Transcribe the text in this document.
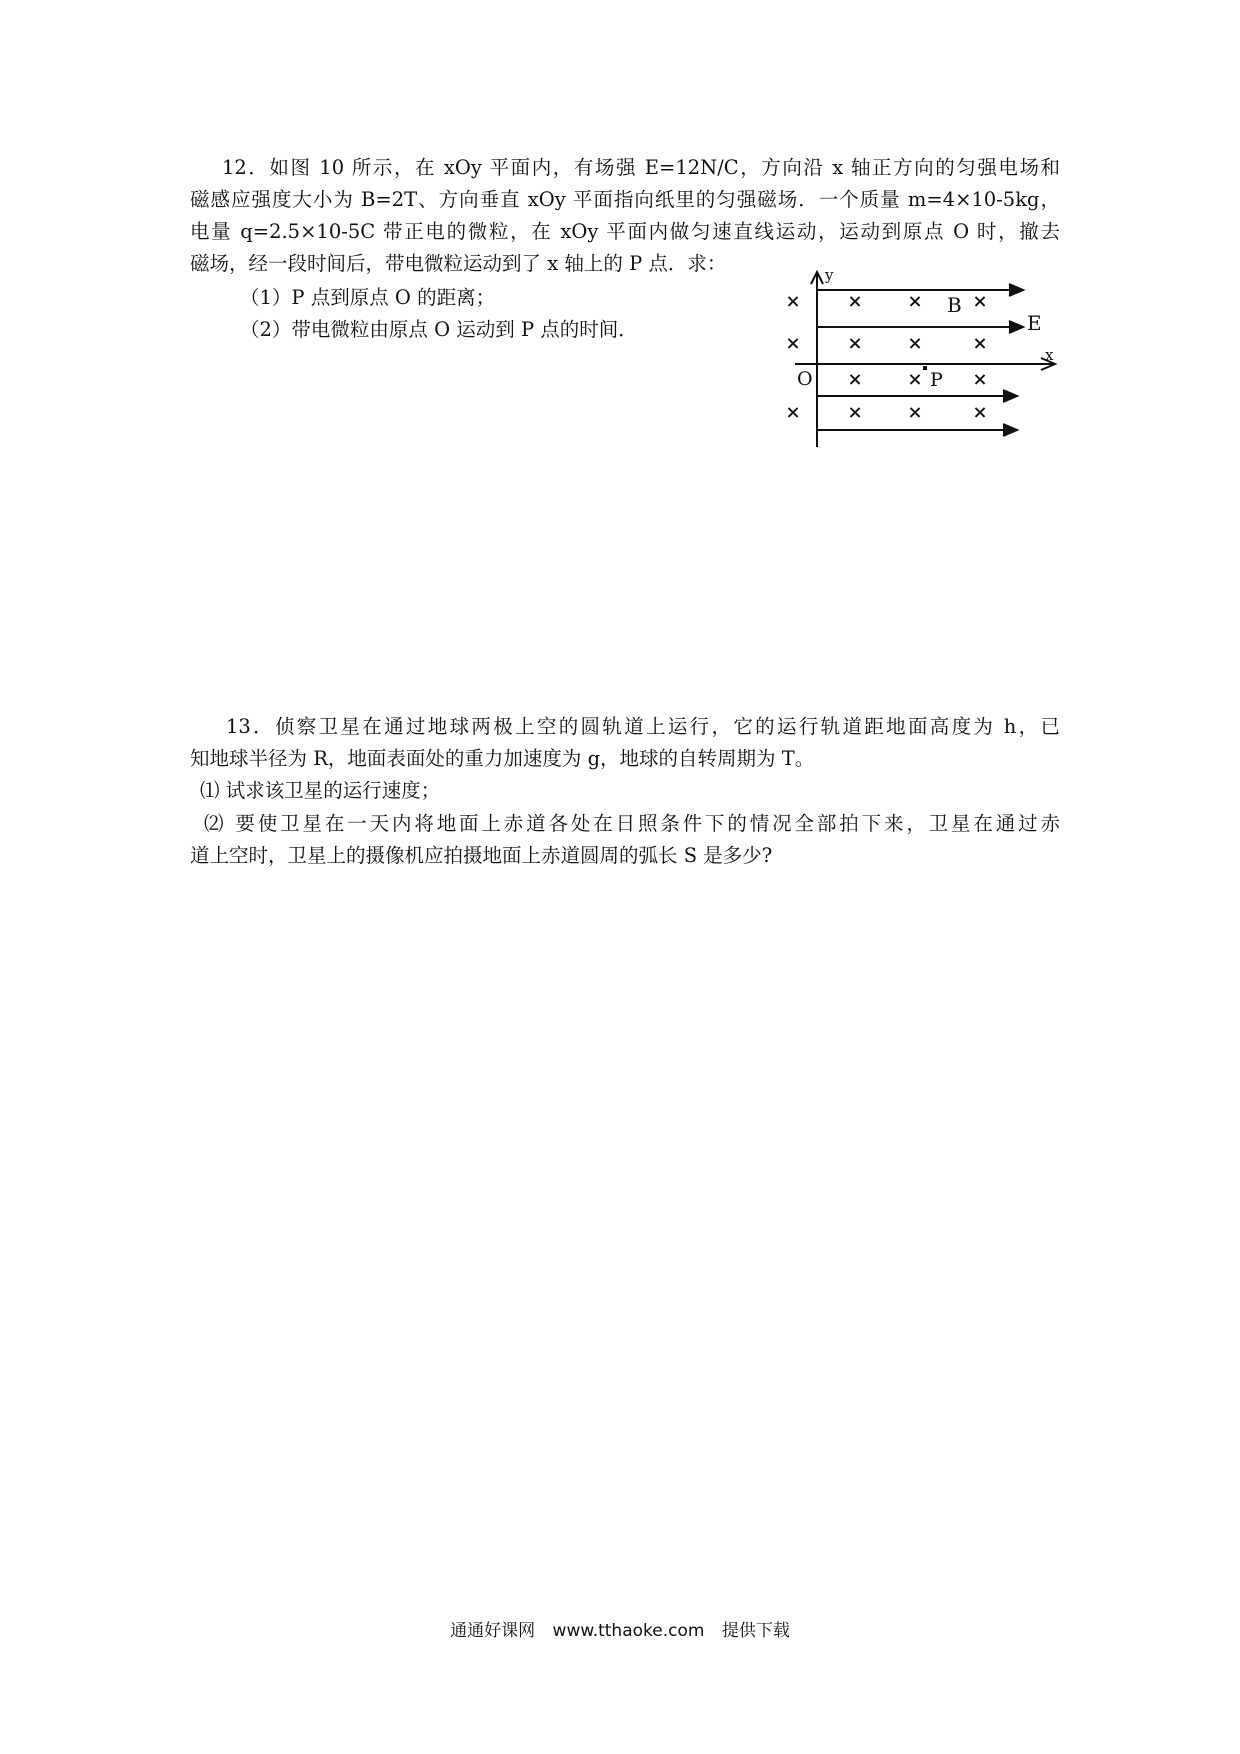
12．如图 10 所示，在 xOy 平面内，有场强 E=12N/C，方向沿 x 轴正方向的匀强电场和
磁感应强度大小为 B=2T、方向垂直 xOy 平面指向纸里的匀强磁场．一个质量 m=4×10-5kg，
电量 q=2.5×10-5C 带正电的微粒，在 xOy 平面内做匀速直线运动，运动到原点 O 时，撤去
磁场，经一段时间后，带电微粒运动到了 x 轴上的 P 点．求：
（1）P 点到原点 O 的距离；
（2）带电微粒由原点 O 运动到 P 点的时间．
×	× ×	×
×	× ×	×
× ×	×
×	× ×	×
y
x
B
E
P
O
13．侦察卫星在通过地球两极上空的圆轨道上运行，它的运行轨道距地面高度为 h，已
知地球半径为 R，地面表面处的重力加速度为 g，地球的自转周期为 T。
⑴ 试求该卫星的运行速度；
⑵ 要使卫星在一天内将地面上赤道各处在日照条件下的情况全部拍下来，卫星在通过赤
道上空时，卫星上的摄像机应拍摄地面上赤道圆周的弧长 S 是多少?
通通好课网 www.tthaoke.com 提供下载
